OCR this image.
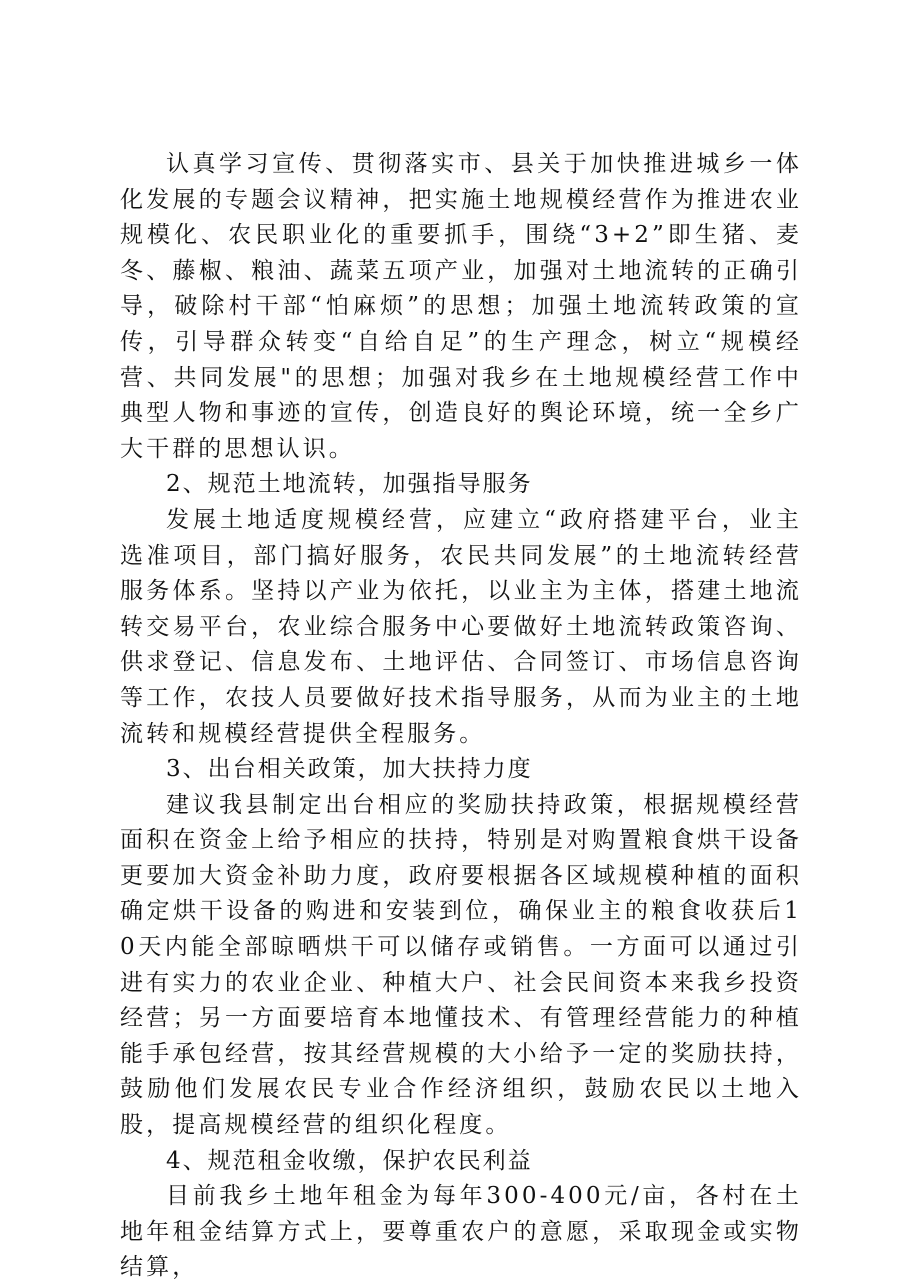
认真学习宣传、贯彻落实市、县关于加快推进城乡一体化发展的专题会议精神，把实施土地规模经营作为推进农业规模化、农民职业化的重要抓手，围绕“3+2”即生猪、麦冬、藤椒、粮油、蔬菜五项产业，加强对土地流转的正确引导，破除村干部“怕麻烦”的思想；加强土地流转政策的宣传，引导群众转变“自给自足”的生产理念，树立“规模经营、共同发展"的思想；加强对我乡在土地规模经营工作中典型人物和事迹的宣传，创造良好的舆论环境，统一全乡广大干群的思想认识。

2、规范土地流转，加强指导服务

发展土地适度规模经营，应建立“政府搭建平台，业主选准项目，部门搞好服务，农民共同发展”的土地流转经营服务体系。坚持以产业为依托，以业主为主体，搭建土地流转交易平台，农业综合服务中心要做好土地流转政策咨询、供求登记、信息发布、土地评估、合同签订、市场信息咨询等工作，农技人员要做好技术指导服务，从而为业主的土地流转和规模经营提供全程服务。

3、出台相关政策，加大扶持力度

建议我县制定出台相应的奖励扶持政策，根据规模经营面积在资金上给予相应的扶持，特别是对购置粮食烘干设备更要加大资金补助力度，政府要根据各区域规模种植的面积确定烘干设备的购进和安装到位，确保业主的粮食收获后10天内能全部晾晒烘干可以储存或销售。一方面可以通过引进有实力的农业企业、种植大户、社会民间资本来我乡投资经营；另一方面要培育本地懂技术、有管理经营能力的种植能手承包经营，按其经营规模的大小给予一定的奖励扶持，鼓励他们发展农民专业合作经济组织，鼓励农民以土地入股，提高规模经营的组织化程度。

4、规范租金收缴，保护农民利益

目前我乡土地年租金为每年300-400元/亩，各村在土地年租金结算方式上，要尊重农户的意愿，采取现金或实物结算，
